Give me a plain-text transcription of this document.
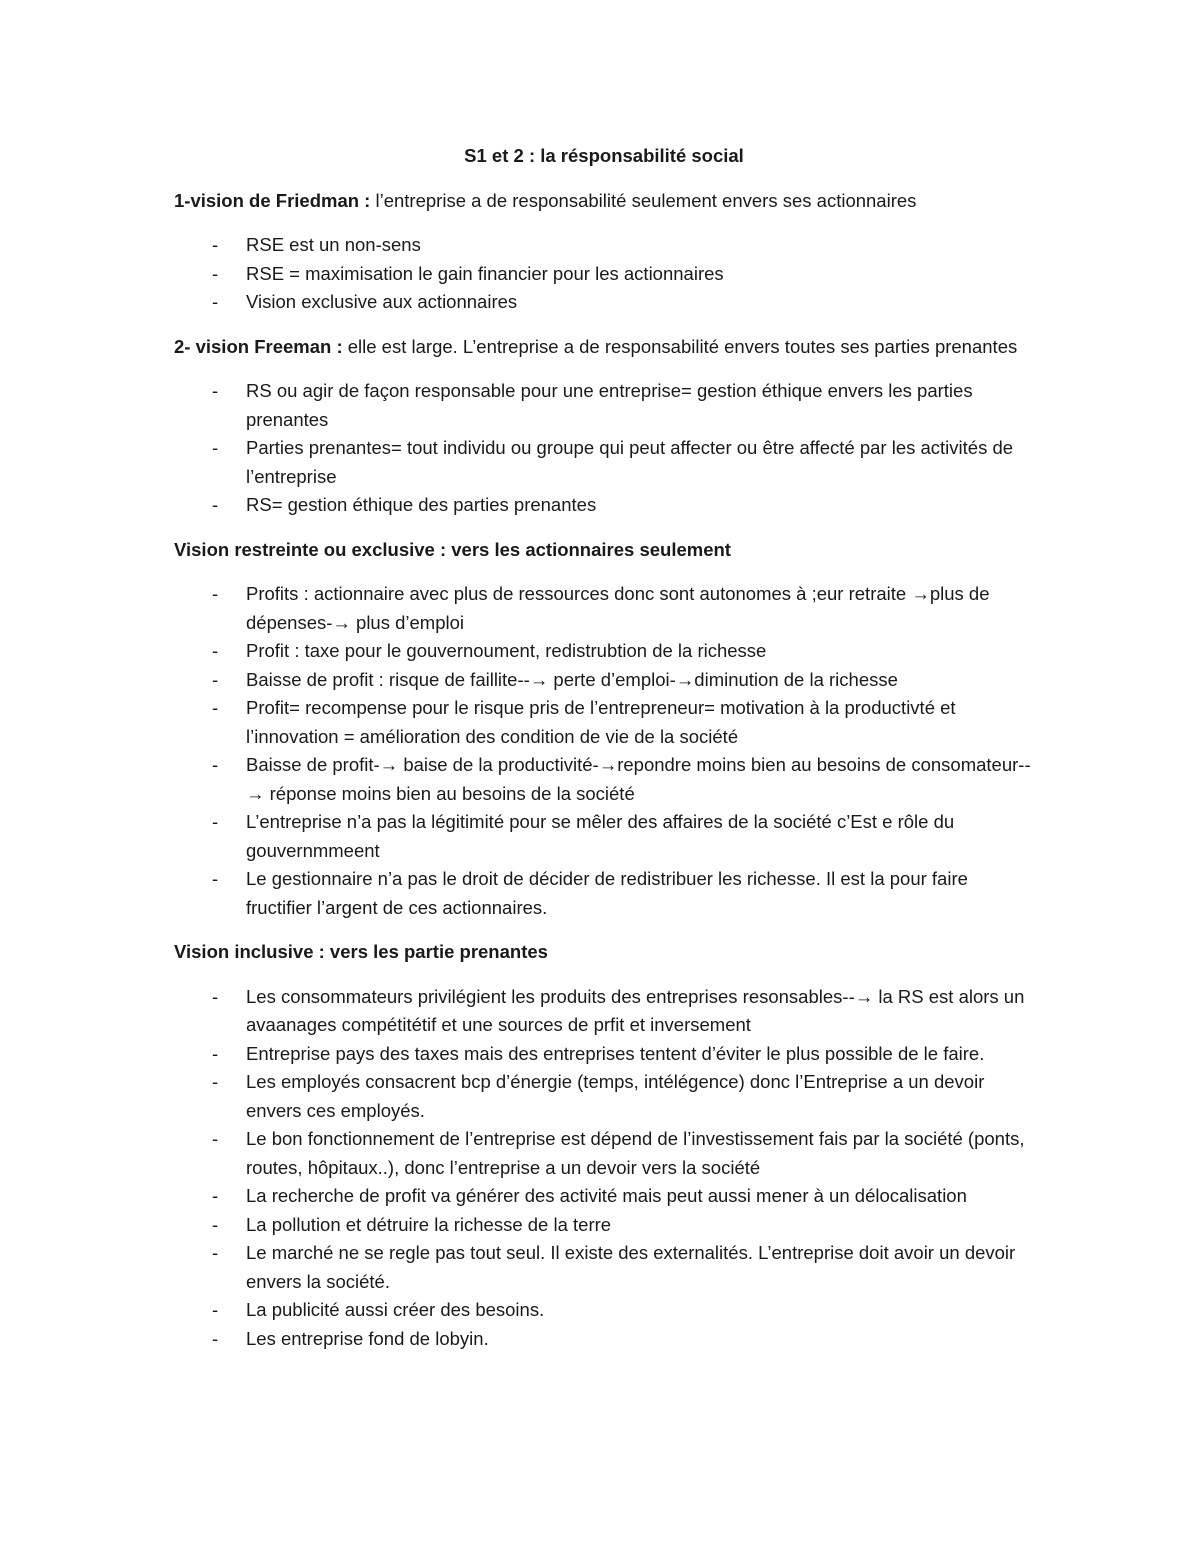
S1 et 2 : la résponsabilité social

1-vision de Friedman : l’entreprise a de responsabilité seulement envers ses actionnaires

- RSE est un non-sens
- RSE = maximisation le gain financier pour les actionnaires
- Vision exclusive aux actionnaires

2- vision Freeman : elle est large. L’entreprise a de responsabilité envers toutes ses parties prenantes

- RS ou agir de façon responsable pour une entreprise= gestion éthique envers les parties prenantes
- Parties prenantes= tout individu ou groupe qui peut affecter ou être affecté par les activités de l’entreprise
- RS= gestion éthique des parties prenantes

Vision restreinte ou exclusive : vers les actionnaires seulement

- Profits : actionnaire avec plus de ressources donc sont autonomes à ;eur retraite →plus de dépenses-→ plus d’emploi
- Profit : taxe pour le gouvernoument, redistrubtion de la richesse
- Baisse de profit : risque de faillite--→ perte d’emploi-→diminution de la richesse
- Profit= recompense pour le risque pris de l’entrepreneur= motivation à la productivté et l’innovation = amélioration des condition de vie de la société
- Baisse de profit-→ baise de la productivité-→repondre moins bien au besoins de consomateur--→ réponse moins bien au besoins de la société
- L’entreprise n’a pas la légitimité pour se mêler des affaires de la société c’Est e rôle du gouvernmmeent
- Le gestionnaire n’a pas le droit de décider de redistribuer les richesse. Il est la pour faire fructifier l’argent de ces actionnaires.

Vision inclusive : vers les partie prenantes

- Les consommateurs privilégient les produits des entreprises resonsables--→ la RS est alors un avaanages compétitétif et une sources de prfit et inversement
- Entreprise pays des taxes mais des entreprises tentent d’éviter le plus possible de le faire.
- Les employés consacrent bcp d’énergie (temps, intélégence) donc l’Entreprise a un devoir envers ces employés.
- Le bon fonctionnement de l’entreprise est dépend de l’investissement fais par la société (ponts, routes, hôpitaux..), donc l’entreprise a un devoir vers la société
- La recherche de profit va générer des activité mais peut aussi mener à un délocalisation
- La pollution et détruire la richesse de la terre
- Le marché ne se regle pas tout seul. Il existe des externalités. L’entreprise doit avoir un devoir envers la société.
- La publicité aussi créer des besoins.
- Les entreprise fond de lobyin.
